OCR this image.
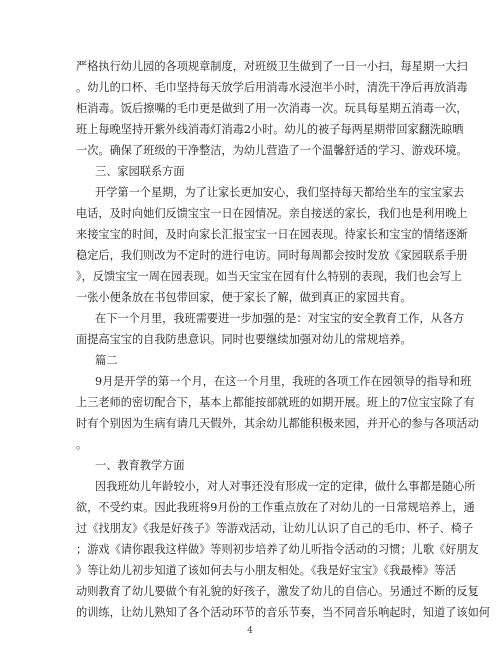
严格执行幼儿园的各项规章制度，对班级卫生做到了一日一小扫，每星期一大扫
。幼儿的口杯、毛巾坚持每天放学后用消毒水浸泡半小时，清洗干净后再放消毒
柜消毒。饭后擦嘴的毛巾更是做到了用一次消毒一次。玩具每星期五消毒一次，
班上每晚坚持开紫外线消毒灯消毒2小时。幼儿的被子每两星期带回家翻洗晾晒
一次。确保了班级的干净整洁，为幼儿营造了一个温馨舒适的学习、游戏环境。
三、家园联系方面
开学第一个星期，为了让家长更加安心，我们坚持每天都给坐车的宝宝家去
电话，及时向她们反馈宝宝一日在园情况。亲自接送的家长，我们也是利用晚上
来接宝宝的时间，及时向家长汇报宝宝一日在园表现。待家长和宝宝的情绪逐渐
稳定后，我们则改为不定时的进行电访。同时每周都会按时发放《家园联系手册
》，反馈宝宝一周在园表现。如当天宝宝在园有什么特别的表现，我们也会写上
一张小便条放在书包带回家，便于家长了解，做到真正的家园共育。
在下一个月里，我班需要进一步加强的是：对宝宝的安全教育工作，从各方
面提高宝宝的自我防患意识。同时也要继续加强对幼儿的常规培养。
篇二
9月是开学的第一个月，在这一个月里，我班的各项工作在园领导的指导和班
上三老师的密切配合下，基本上都能按部就班的如期开展。班上的7位宝宝除了有
时有个别因为生病有请几天假外，其余幼儿都能积极来园，并开心的参与各项活动
。
一、教育教学方面
因我班幼儿年龄较小，对人对事还没有形成一定的定律，做什么事都是随心所
欲，不受约束。因此我班将9月份的工作重点放在了对幼儿的一日常规培养上，通
过《找朋友》《我是好孩子》等游戏活动，让幼儿认识了自己的毛巾、杯子、椅子
；游戏《请你跟我这样做》等则初步培养了幼儿听指令活动的习惯；儿歌《好朋友
》等让幼儿初步知道了该如何去与小朋友相处。《我是好宝宝》《我最棒》等活
动则教育了幼儿要做个有礼貌的好孩子，激发了幼儿的自信心。另通过不断的反复
的训练，让幼儿熟知了各个活动环节的音乐节奏，当不同音乐响起时，知道了该如何
4
